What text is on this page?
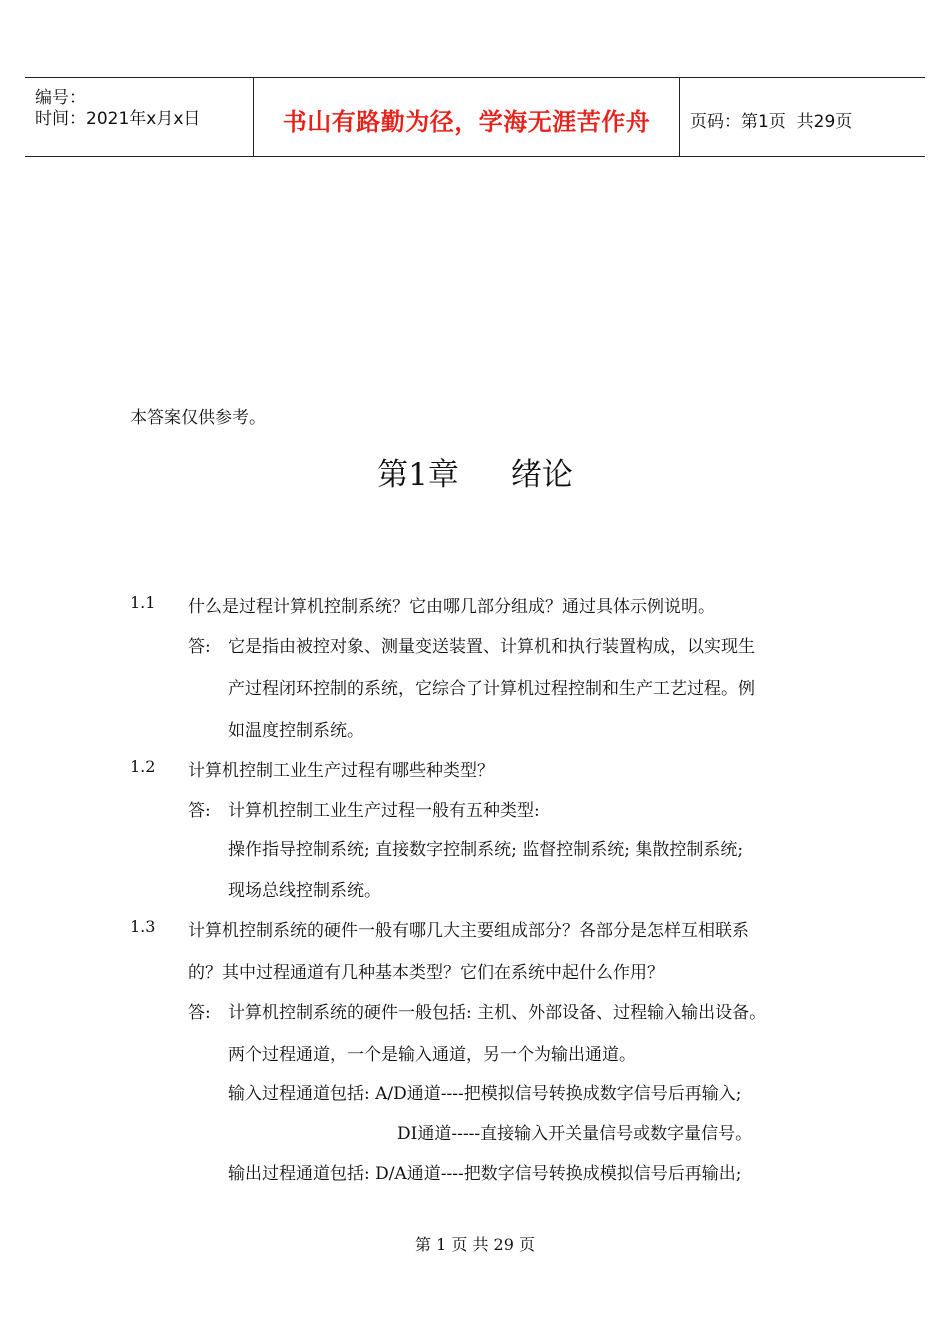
编号：
时间：2021年x月x日	书山有路勤为径，学海无涯苦作舟	页码：第1页  共29页
本答案仅供参考。
第1章 绪论
1.1 什么是过程计算机控制系统？它由哪几部分组成？通过具体示例说明。
答: 它是指由被控对象、测量变送装置、计算机和执行装置构成，以实现生
产过程闭环控制的系统，它综合了计算机过程控制和生产工艺过程。例
如温度控制系统。
1.2 计算机控制工业生产过程有哪些种类型？
答: 计算机控制工业生产过程一般有五种类型:
操作指导控制系统; 直接数字控制系统; 监督控制系统; 集散控制系统;
现场总线控制系统。
1.3 计算机控制系统的硬件一般有哪几大主要组成部分？各部分是怎样互相联系
的？其中过程通道有几种基本类型？它们在系统中起什么作用？
答: 计算机控制系统的硬件一般包括: 主机、外部设备、过程输入输出设备。
两个过程通道，一个是输入通道，另一个为输出通道。
输入过程通道包括: A/D通道----把模拟信号转换成数字信号后再输入;
DI通道-----直接输入开关量信号或数字量信号。
输出过程通道包括: D/A通道----把数字信号转换成模拟信号后再输出;
第 1 页 共 29 页
